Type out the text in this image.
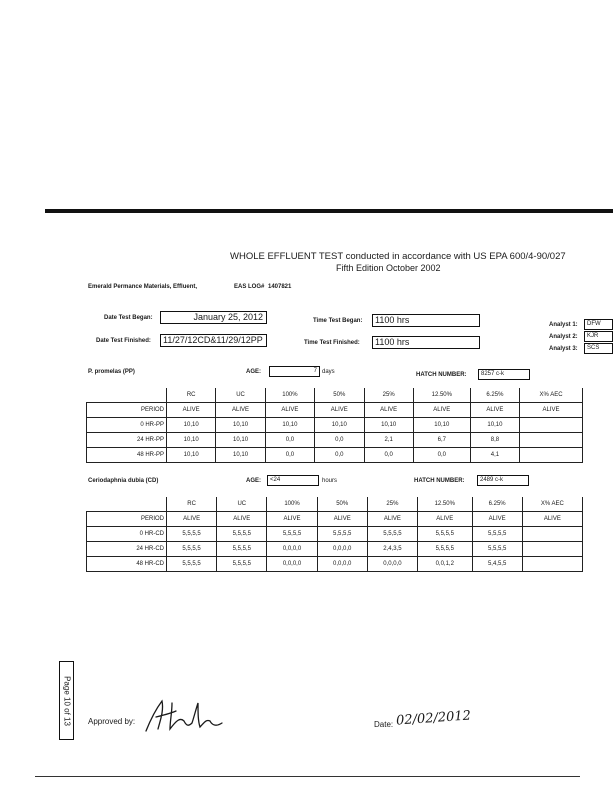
WHOLE EFFLUENT TEST conducted in accordance with US EPA 600/4-90/027
Fifth Edition October 2002
Emerald Permance Materials, Effluent,	EAS LOG# 1407821
Date Test Began:	January 25, 2012
Date Test Finished:	11/27/12CD&11/29/12PP
Time Test Began:	1100 hrs
Time Test Finished:	1100 hrs
Analyst 1:	DFW
Analyst 2:	KJR
Analyst 3:	SCS
P. promelas (PP)	AGE:	7 days	HATCH NUMBER:	8257 c-k
	RC	UC	100%	50%	25%	12.50%	6.25%	X% AEC
PERIOD	ALIVE	ALIVE	ALIVE	ALIVE	ALIVE	ALIVE	ALIVE	ALIVE
0 HR-PP	10,10	10,10	10,10	10,10	10,10	10,10	10,10	
24 HR-PP	10,10	10,10	0,0	0,0	2,1	6,7	8,8	
48 HR-PP	10,10	10,10	0,0	0,0	0,0	0,0	4,1	
Ceriodaphnia dubia (CD)	AGE:	<24	hours	HATCH NUMBER:	2489 c-k
	RC	UC	100%	50%	25%	12.50%	6.25%	X% AEC
PERIOD	ALIVE	ALIVE	ALIVE	ALIVE	ALIVE	ALIVE	ALIVE	ALIVE
0 HR-CD	5,5,5,5	5,5,5,5	5,5,5,5	5,5,5,5	5,5,5,5	5,5,5,5	5,5,5,5	
24 HR-CD	5,5,5,5	5,5,5,5	0,0,0,0	0,0,0,0	2,4,3,5	5,5,5,5	5,5,5,5	
48 HR-CD	5,5,5,5	5,5,5,5	0,0,0,0	0,0,0,0	0,0,0,0	0,0,1,2	5,4,5,5	
Page 10 of 13 Approved by:	Date: 02/02/2012
